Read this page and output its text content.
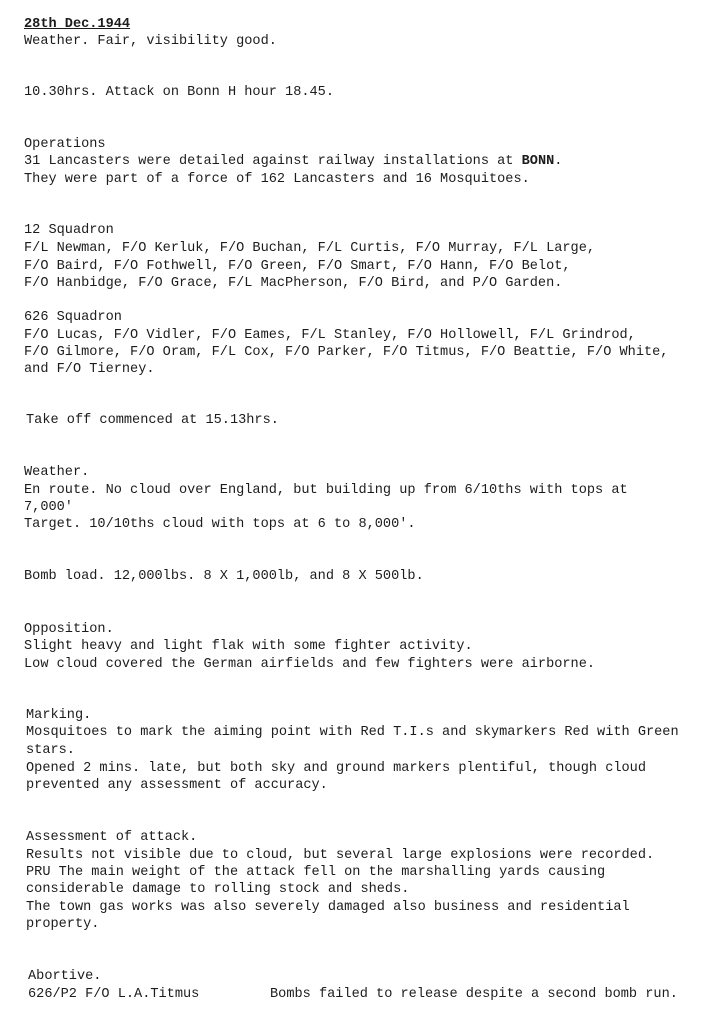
28th Dec.1944
Weather. Fair, visibility good.
10.30hrs. Attack on Bonn H hour 18.45.
Operations
31 Lancasters were detailed against railway installations at BONN.
They were part of a force of 162 Lancasters and 16 Mosquitoes.
12 Squadron
F/L Newman, F/O Kerluk, F/O Buchan, F/L Curtis, F/O Murray, F/L Large,
F/O Baird, F/O Fothwell, F/O Green, F/O Smart, F/O Hann, F/O Belot,
F/O Hanbidge, F/O Grace, F/L MacPherson, F/O Bird, and P/O Garden.
626 Squadron
F/O Lucas, F/O Vidler, F/O Eames, F/L Stanley, F/O Hollowell, F/L Grindrod,
F/O Gilmore, F/O Oram, F/L Cox, F/O Parker, F/O Titmus, F/O Beattie, F/O White,
and F/O Tierney.
Take off commenced at 15.13hrs.
Weather.
En route. No cloud over England, but building up from 6/10ths with tops at
7,000'
Target. 10/10ths cloud with tops at 6 to 8,000'.
Bomb load. 12,000lbs. 8 X 1,000lb, and 8 X 500lb.
Opposition.
Slight heavy and light flak with some fighter activity.
Low cloud covered the German airfields and few fighters were airborne.
Marking.
Mosquitoes to mark the aiming point with Red T.I.s and skymarkers Red with Green
stars.
Opened 2 mins. late, but both sky and ground markers plentiful, though cloud
prevented any assessment of accuracy.
Assessment of attack.
Results not visible due to cloud, but several large explosions were recorded.
PRU The main weight of the attack fell on the marshalling yards causing
considerable damage to rolling stock and sheds.
The town gas works was also severely damaged also business and residential
property.
Abortive.
626/P2 F/O L.A.Titmus	Bombs failed to release despite a second bomb run.
